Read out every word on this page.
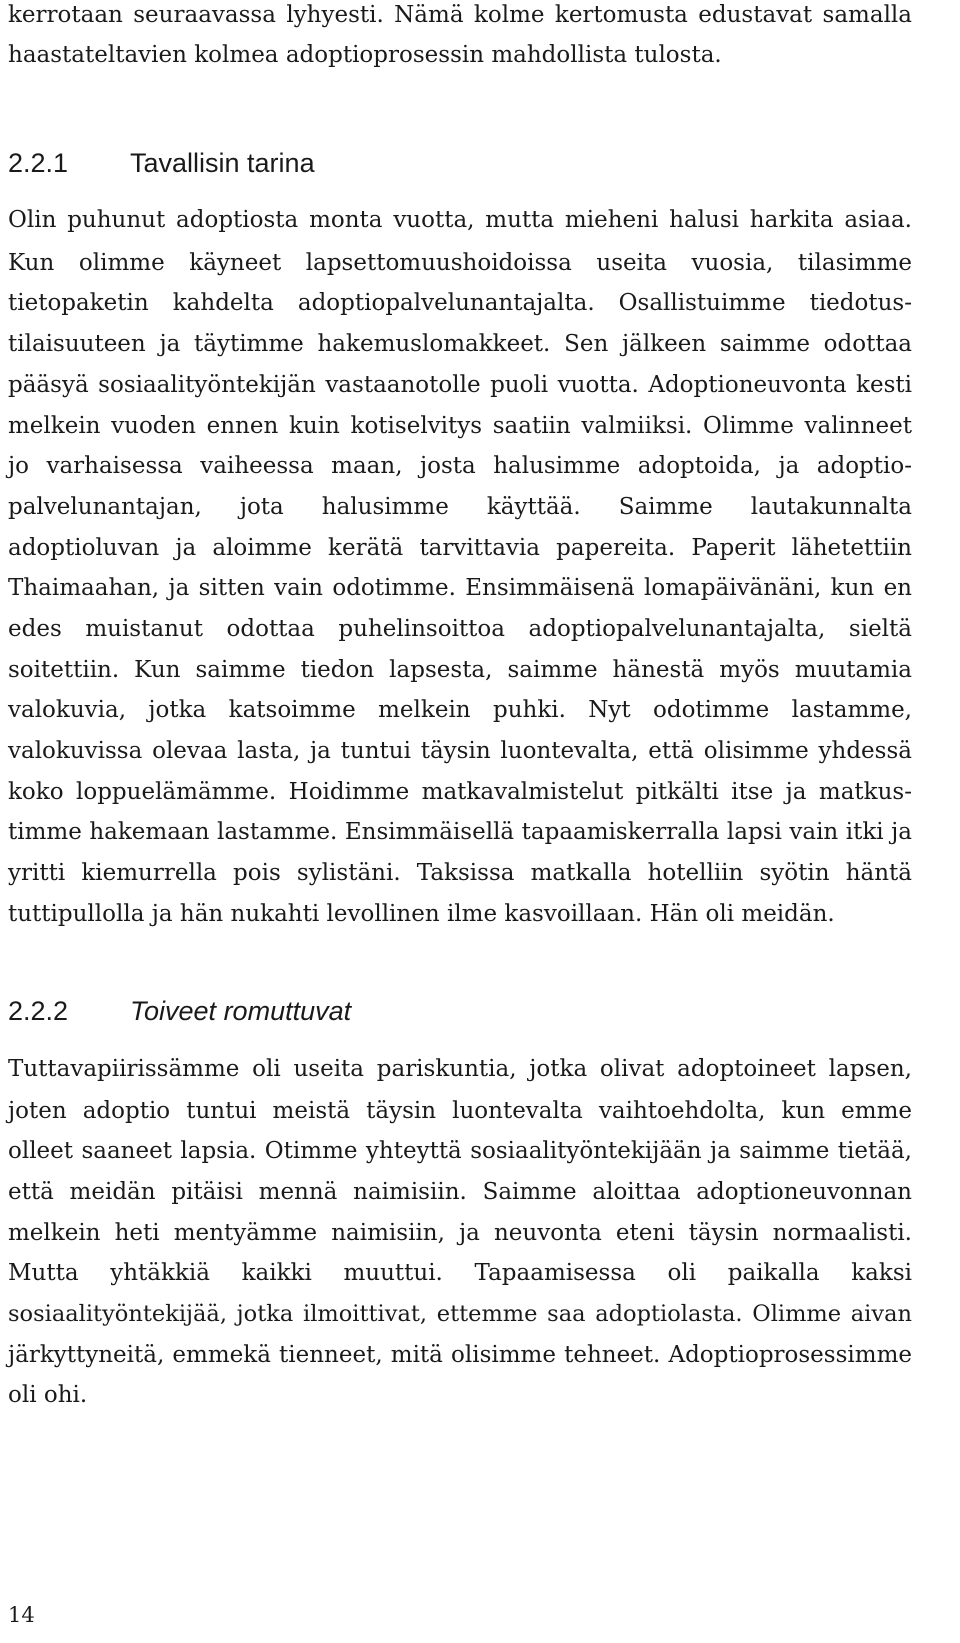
kerrotaan seuraavassa lyhyesti. Nämä kolme kertomusta edustavat samalla
haastateltavien kolmea adoptioprosessin mahdollista tulosta.
2.2.1 Tavallisin tarina
Olin puhunut adoptiosta monta vuotta, mutta mieheni halusi harkita asiaa.
Kun olimme käyneet lapsettomuushoidoissa useita vuosia, tilasimme
tietopaketin kahdelta adoptiopalvelunantajalta. Osallistuimme tiedotus-
tilaisuuteen ja täytimme hakemuslomakkeet. Sen jälkeen saimme odottaa
pääsyä sosiaalityöntekijän vastaanotolle puoli vuotta. Adoptioneuvonta kesti
melkein vuoden ennen kuin kotiselvitys saatiin valmiiksi. Olimme valinneet
jo varhaisessa vaiheessa maan, josta halusimme adoptoida, ja adoptio-
palvelunantajan, jota halusimme käyttää. Saimme lautakunnalta
adoptioluvan ja aloimme kerätä tarvittavia papereita. Paperit lähetettiin
Thaimaahan, ja sitten vain odotimme. Ensimmäisenä lomapäivänäni, kun en
edes muistanut odottaa puhelinsoittoa adoptiopalvelunantajalta, sieltä
soitettiin. Kun saimme tiedon lapsesta, saimme hänestä myös muutamia
valokuvia, jotka katsoimme melkein puhki. Nyt odotimme lastamme,
valokuvissa olevaa lasta, ja tuntui täysin luontevalta, että olisimme yhdessä
koko loppuelämämme. Hoidimme matkavalmistelut pitkälti itse ja matkus-
timme hakemaan lastamme. Ensimmäisellä tapaamiskerralla lapsi vain itki ja
yritti kiemurrella pois sylistäni. Taksissa matkalla hotelliin syötin häntä
tuttipullolla ja hän nukahti levollinen ilme kasvoillaan. Hän oli meidän.
2.2.2 Toiveet romuttuvat
Tuttavapiirissämme oli useita pariskuntia, jotka olivat adoptoineet lapsen,
joten adoptio tuntui meistä täysin luontevalta vaihtoehdolta, kun emme
olleet saaneet lapsia. Otimme yhteyttä sosiaalityöntekijään ja saimme tietää,
että meidän pitäisi mennä naimisiin. Saimme aloittaa adoptioneuvonnan
melkein heti mentyämme naimisiin, ja neuvonta eteni täysin normaalisti.
Mutta yhtäkkiä kaikki muuttui. Tapaamisessa oli paikalla kaksi
sosiaalityöntekijää, jotka ilmoittivat, ettemme saa adoptiolasta. Olimme aivan
järkyttyneitä, emmekä tienneet, mitä olisimme tehneet. Adoptioprosessimme
oli ohi.
14
